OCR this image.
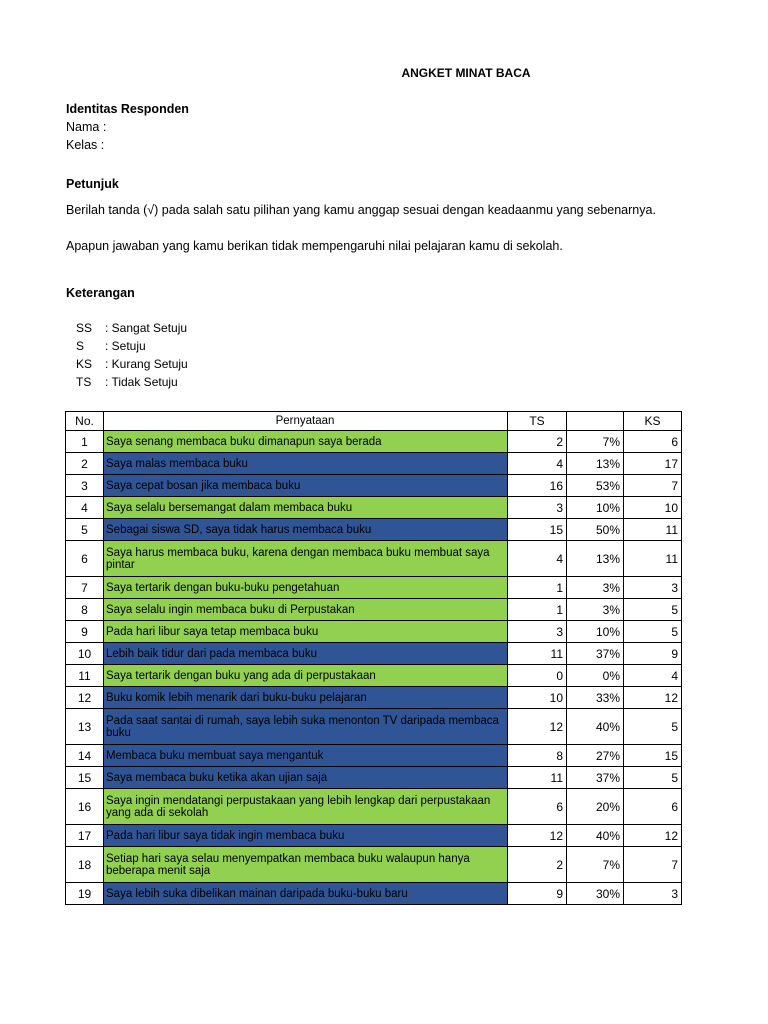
ANGKET MINAT BACA
Identitas Responden
Nama :
Kelas :
Petunjuk
Berilah tanda (√) pada salah satu pilihan yang kamu anggap sesuai dengan keadaanmu yang sebenarnya.
Apapun jawaban yang kamu berikan tidak mempengaruhi nilai pelajaran kamu di sekolah.
Keterangan
SS : Sangat Setuju
S : Setuju
KS : Kurang Setuju
TS : Tidak Setuju
No.	Pernyataan	TS		KS
1	Saya senang membaca buku dimanapun saya berada	2	7%	6
2	Saya malas membaca buku	4	13%	17
3	Saya cepat bosan jika membaca buku	16	53%	7
4	Saya selalu bersemangat dalam membaca buku	3	10%	10
5	Sebagai siswa SD, saya tidak harus membaca buku	15	50%	11
6	Saya harus membaca buku, karena dengan membaca buku membuat saya pintar	4	13%	11
7	Saya tertarik dengan buku-buku pengetahuan	1	3%	3
8	Saya selalu ingin membaca buku di Perpustakan	1	3%	5
9	Pada hari libur saya tetap membaca buku	3	10%	5
10	Lebih baik tidur dari pada membaca buku	11	37%	9
11	Saya tertarik dengan buku yang ada di perpustakaan	0	0%	4
12	Buku komik lebih menarik dari buku-buku pelajaran	10	33%	12
13	Pada saat santai di rumah, saya lebih suka menonton TV daripada membaca buku	12	40%	5
14	Membaca buku membuat saya mengantuk	8	27%	15
15	Saya membaca buku ketika akan ujian saja	11	37%	5
16	Saya ingin mendatangi perpustakaan yang lebih lengkap dari perpustakaan yang ada di sekolah	6	20%	6
17	Pada hari libur saya tidak ingin membaca buku	12	40%	12
18	Setiap hari saya selau menyempatkan membaca buku walaupun hanya beberapa menit saja	2	7%	7
19	Saya lebih suka dibelikan mainan daripada buku-buku baru	9	30%	3
